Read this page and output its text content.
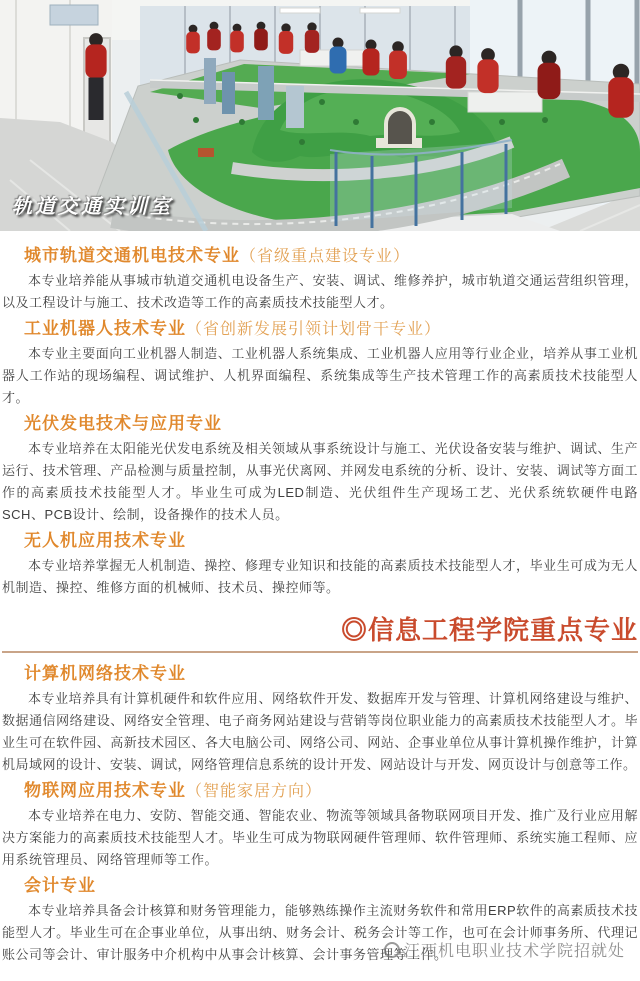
轨道交通实训室
城市轨道交通机电技术专业（省级重点建设专业）

本专业培养能从事城市轨道交通机电设备生产、安装、调试、维修养护，城市轨道交通运营组织管理，以及工程设计与施工、技术改造等工作的高素质技术技能型人才。

工业机器人技术专业（省创新发展引领计划骨干专业）

本专业主要面向工业机器人制造、工业机器人系统集成、工业机器人应用等行业企业，培养从事工业机器人工作站的现场编程、调试维护、人机界面编程、系统集成等生产技术管理工作的高素质技术技能型人才。

光伏发电技术与应用专业

本专业培养在太阳能光伏发电系统及相关领域从事系统设计与施工、光伏设备安装与维护、调试、生产运行、技术管理、产品检测与质量控制，从事光伏离网、并网发电系统的分析、设计、安装、调试等方面工作的高素质技术技能型人才。毕业生可成为LED制造、光伏组件生产现场工艺、光伏系统软硬件电路SCH、PCB设计、绘制，设备操作的技术人员。

无人机应用技术专业

本专业培养掌握无人机制造、操控、修理专业知识和技能的高素质技术技能型人才，毕业生可成为无人机制造、操控、维修方面的机械师、技术员、操控师等。

◎信息工程学院重点专业
计算机网络技术专业

本专业培养具有计算机硬件和软件应用、网络软件开发、数据库开发与管理、计算机网络建设与维护、数据通信网络建设、网络安全管理、电子商务网站建设与营销等岗位职业能力的高素质技术技能型人才。毕业生可在软件园、高新技术园区、各大电脑公司、网络公司、网站、企事业单位从事计算机操作维护，计算机局域网的设计、安装、调试，网络管理信息系统的设计开发、网站设计与开发、网页设计与创意等工作。

物联网应用技术专业（智能家居方向）

本专业培养在电力、安防、智能交通、智能农业、物流等领域具备物联网项目开发、推广及行业应用解决方案能力的高素质技术技能型人才。毕业生可成为物联网硬件管理师、软件管理师、系统实施工程师、应用系统管理员、网络管理师等工作。

会计专业

本专业培养具备会计核算和财务管理能力，能够熟练操作主流财务软件和常用ERP软件的高素质技术技能型人才。毕业生可在企事业单位，从事出纳、财务会计、税务会计等工作，也可在会计师事务所、代理记账公司等会计、审计服务中介机构中从事会计核算、会计事务管理等工作。

江西机电职业技术学院招就处
